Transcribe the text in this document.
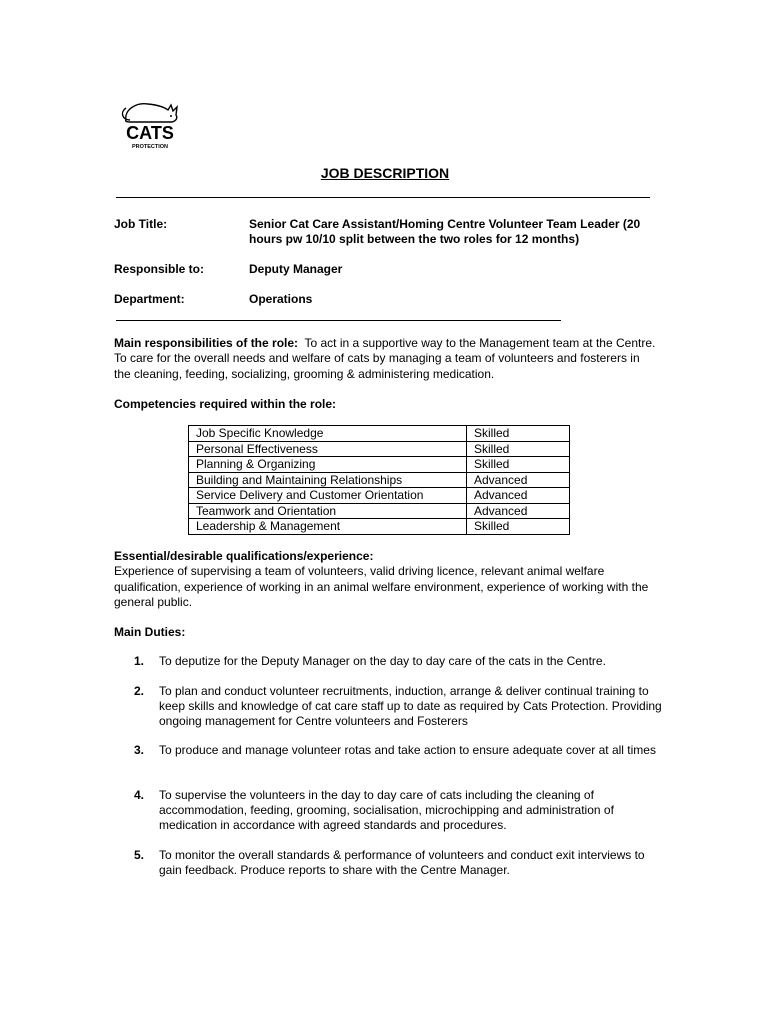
CATS
PROTECTION
JOB DESCRIPTION
Job Title:	Senior Cat Care Assistant/Homing Centre Volunteer Team Leader (20 hours pw 10/10 split between the two roles for 12 months)
Responsible to:	Deputy Manager
Department:	Operations
Main responsibilities of the role: To act in a supportive way to the Management team at the Centre. To care for the overall needs and welfare of cats by managing a team of volunteers and fosterers in the cleaning, feeding, socializing, grooming & administering medication.
Competencies required within the role:
Job Specific Knowledge	Skilled
Personal Effectiveness	Skilled
Planning & Organizing	Skilled
Building and Maintaining Relationships	Advanced
Service Delivery and Customer Orientation	Advanced
Teamwork and Orientation	Advanced
Leadership & Management	Skilled
Essential/desirable qualifications/experience:
Experience of supervising a team of volunteers, valid driving licence, relevant animal welfare qualification, experience of working in an animal welfare environment, experience of working with the general public.
Main Duties:
1. To deputize for the Deputy Manager on the day to day care of the cats in the Centre.
2. To plan and conduct volunteer recruitments, induction, arrange & deliver continual training to keep skills and knowledge of cat care staff up to date as required by Cats Protection. Providing ongoing management for Centre volunteers and Fosterers
3. To produce and manage volunteer rotas and take action to ensure adequate cover at all times
4. To supervise the volunteers in the day to day care of cats including the cleaning of accommodation, feeding, grooming, socialisation, microchipping and administration of medication in accordance with agreed standards and procedures.
5. To monitor the overall standards & performance of volunteers and conduct exit interviews to gain feedback. Produce reports to share with the Centre Manager.
